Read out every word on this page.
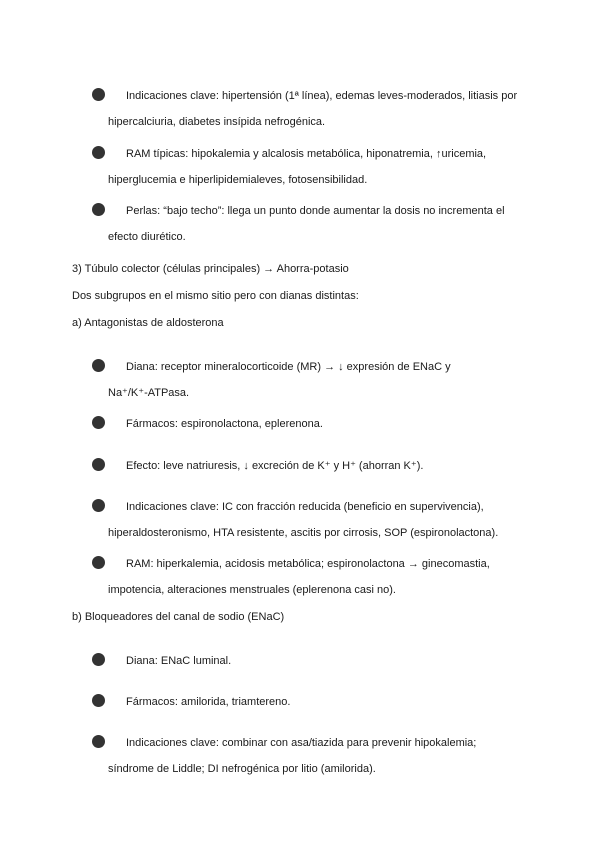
Indicaciones clave: hipertensión (1ª línea), edemas leves-moderados, litiasis por
hipercalciuria, diabetes insípida nefrogénica.
RAM típicas: hipokalemia y alcalosis metabólica, hiponatremia, ↑uricemia,
hiperglucemia e hiperlipidemialeves, fotosensibilidad.
Perlas: “bajo techo”: llega un punto donde aumentar la dosis no incrementa el
efecto diurético.
3) Túbulo colector (células principales) → Ahorra-potasio
Dos subgrupos en el mismo sitio pero con dianas distintas:
a) Antagonistas de aldosterona
Diana: receptor mineralocorticoide (MR) → ↓ expresión de ENaC y
Na⁺/K⁺-ATPasa.
Fármacos: espironolactona, eplerenona.
Efecto: leve natriuresis, ↓ excreción de K⁺ y H⁺ (ahorran K⁺).
Indicaciones clave: IC con fracción reducida (beneficio en supervivencia),
hiperaldosteronismo, HTA resistente, ascitis por cirrosis, SOP (espironolactona).
RAM: hiperkalemia, acidosis metabólica; espironolactona → ginecomastia,
impotencia, alteraciones menstruales (eplerenona casi no).
b) Bloqueadores del canal de sodio (ENaC)
Diana: ENaC luminal.
Fármacos: amilorida, triamtereno.
Indicaciones clave: combinar con asa/tiazida para prevenir hipokalemia;
síndrome de Liddle; DI nefrogénica por litio (amilorida).
